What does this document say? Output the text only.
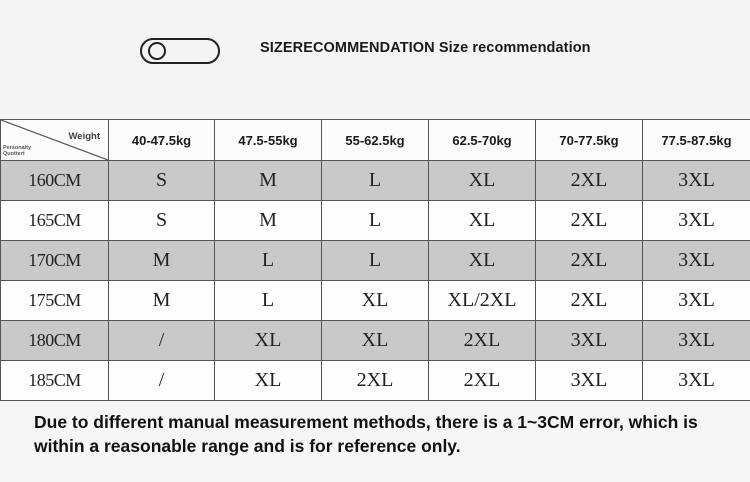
SIZERECOMMENDATION Size recommendation
Weight
Personalty Quottert	40-47.5kg	47.5-55kg	55-62.5kg	62.5-70kg	70-77.5kg	77.5-87.5kg
160CM	S	M	L	XL	2XL	3XL
165CM	S	M	L	XL	2XL	3XL
170CM	M	L	L	XL	2XL	3XL
175CM	M	L	XL	XL/2XL	2XL	3XL
180CM	/	XL	XL	2XL	3XL	3XL
185CM	/	XL	2XL	2XL	3XL	3XL
Due to different manual measurement methods, there is a 1~3CM error, which is within a reasonable range and is for reference only.
